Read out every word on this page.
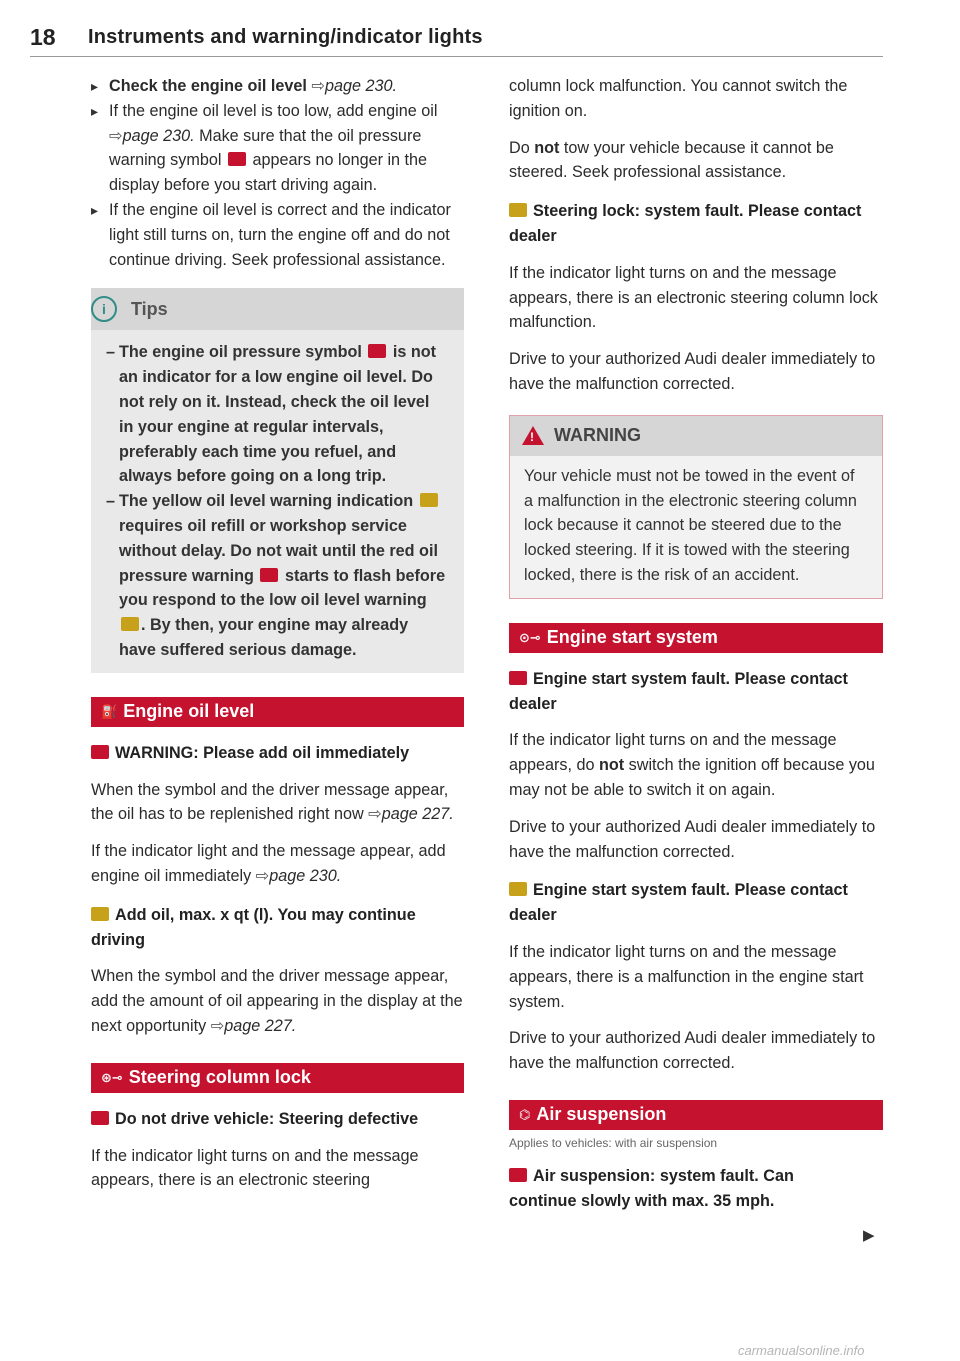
18 Instruments and warning/indicator lights
▸ Check the engine oil level ⇨page 230.
▸ If the engine oil level is too low, add engine oil ⇨page 230. Make sure that the oil pressure warning symbol appears no longer in the display before you start driving again.
▸ If the engine oil level is correct and the indicator light still turns on, turn the engine off and do not continue driving. Seek professional assistance.
i	Tips
– The engine oil pressure symbol is not an indicator for a low engine oil level. Do not rely on it. Instead, check the oil level in your engine at regular intervals, preferably each time you refuel, and always before going on a long trip.
– The yellow oil level warning indication  requires oil refill or workshop service without delay. Do not wait until the red oil pressure warning starts to flash before you respond to the low oil level warning . By then, your engine may already have suffered serious damage.
⛽ Engine oil level
WARNING: Please add oil immediately

When the symbol and the driver message appear, the oil has to be replenished right now ⇨page 227.

If the indicator light and the message appear, add engine oil immediately ⇨page 230.

Add oil, max. x qt (l). You may continue driving

When the symbol and the driver message appear, add the amount of oil appearing in the display at the next opportunity ⇨page 227.

⊛⊸ Steering column lock
Do not drive vehicle: Steering defective

If the indicator light turns on and the message appears, there is an electronic steering

column lock malfunction. You cannot switch the ignition on.

Do not tow your vehicle because it cannot be steered. Seek professional assistance.

Steering lock: system fault. Please contact dealer

If the indicator light turns on and the message appears, there is an electronic steering column lock malfunction.

Drive to your authorized Audi dealer immediately to have the malfunction corrected.

! WARNING
Your vehicle must not be towed in the event of a malfunction in the electronic steering column lock because it cannot be steered due to the locked steering. If it is towed with the steering locked, there is the risk of an accident.
⊙⊸ Engine start system
Engine start system fault. Please contact dealer

If the indicator light turns on and the message appears, do not switch the ignition off because you may not be able to switch it on again.

Drive to your authorized Audi dealer immediately to have the malfunction corrected.

Engine start system fault. Please contact dealer

If the indicator light turns on and the message appears, there is a malfunction in the engine start system.

Drive to your authorized Audi dealer immediately to have the malfunction corrected.

⌬ Air suspension
Applies to vehicles: with air suspension
Air suspension: system fault. Can continue slowly with max. 35 mph.
▶
carmanualsonline.info
